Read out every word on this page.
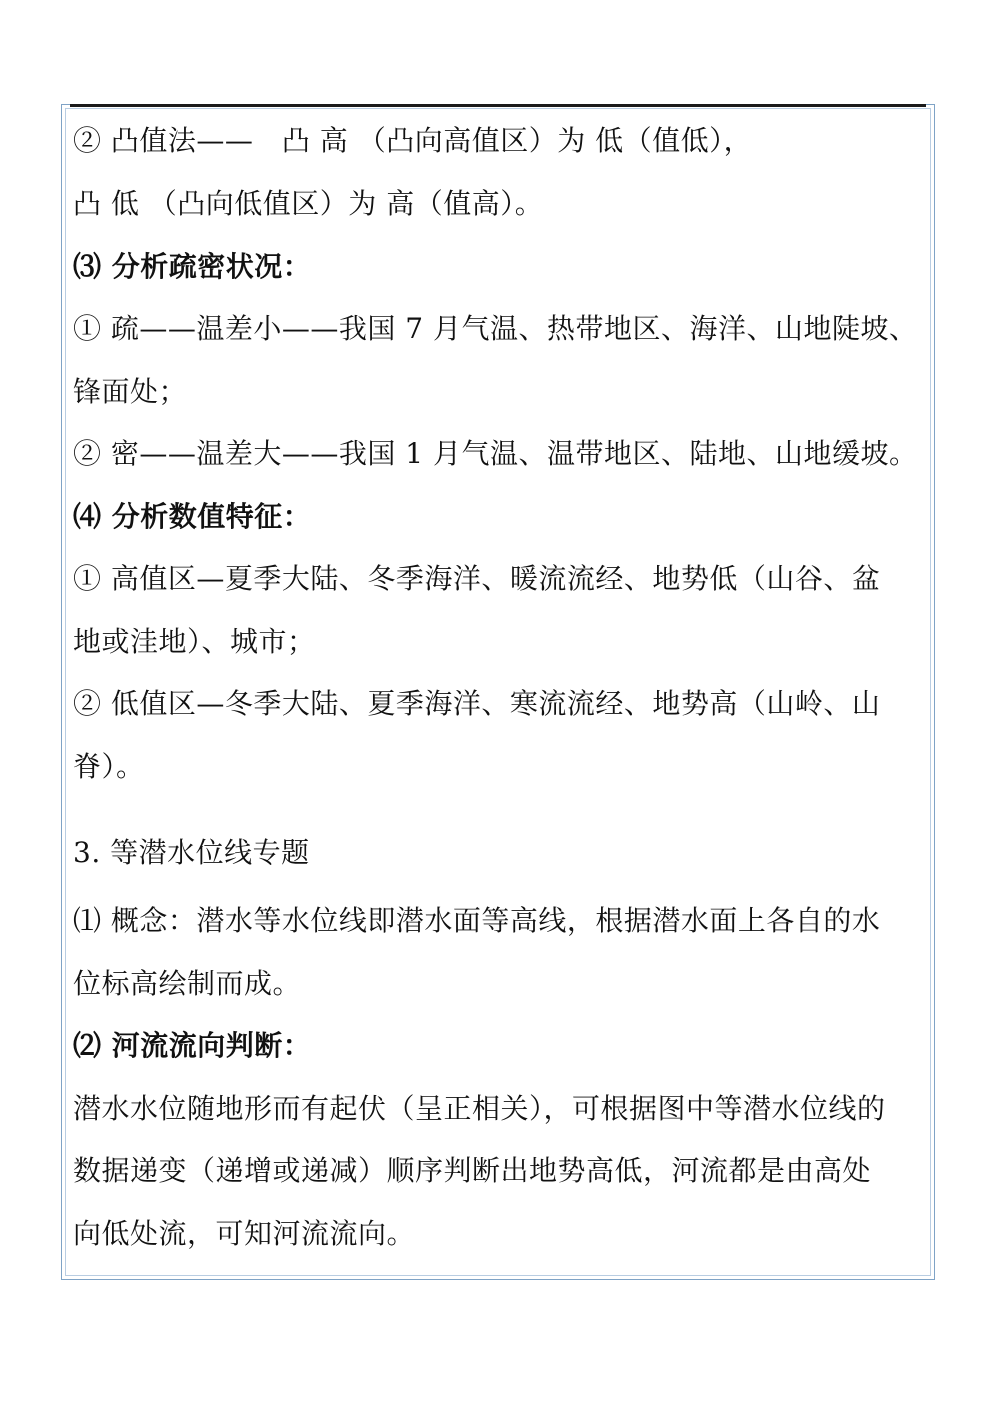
② 凸值法——　凸 高 （凸向高值区）为 低（值低），
凸 低 （凸向低值区）为 高（值高）。
⑶ 分析疏密状况：
① 疏——温差小——我国 7 月气温、热带地区、海洋、山地陡坡、
锋面处；
② 密——温差大——我国 1 月气温、温带地区、陆地、山地缓坡。
⑷ 分析数值特征：
① 高值区—夏季大陆、冬季海洋、暖流流经、地势低（山谷、盆
地或洼地）、城市；
② 低值区—冬季大陆、夏季海洋、寒流流经、地势高（山岭、山
脊）。
3. 等潜水位线专题
⑴ 概念：潜水等水位线即潜水面等高线，根据潜水面上各自的水
位标高绘制而成。
⑵ 河流流向判断：
潜水水位随地形而有起伏（呈正相关），可根据图中等潜水位线的
数据递变（递增或递减）顺序判断出地势高低，河流都是由高处
向低处流，可知河流流向。
